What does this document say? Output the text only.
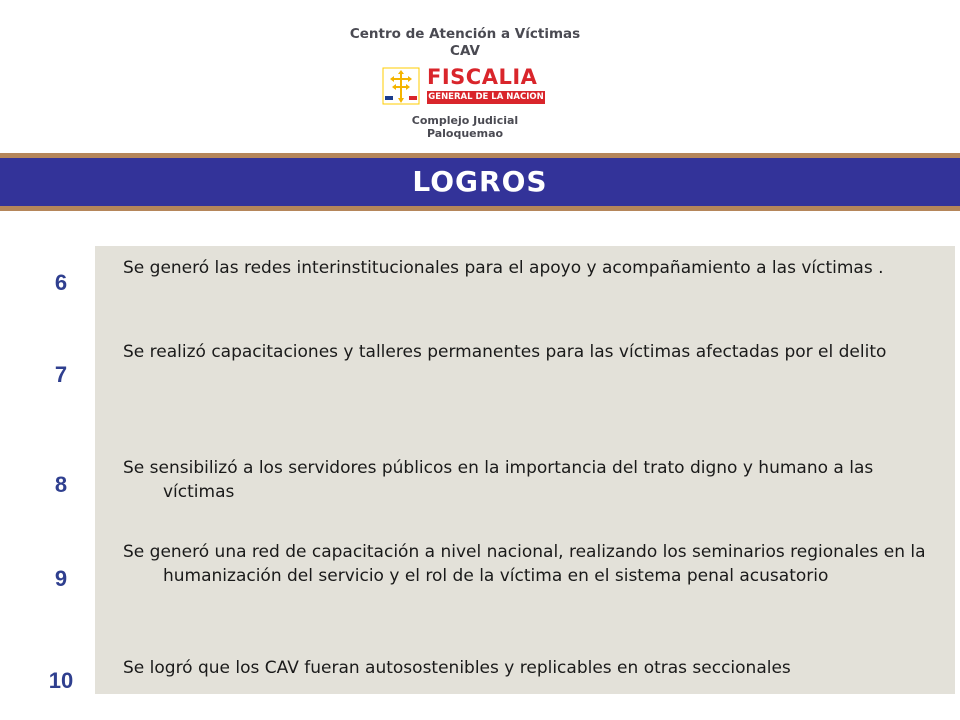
Centro de Atención a Víctimas
CAV
FISCALIA
GENERAL DE LA NACION
Complejo Judicial
Paloquemao
LOGROS
6
7
8
9
10

Se generó las redes interinstitucionales para el apoyo y acompañamiento a las víctimas .

Se realizó capacitaciones y talleres permanentes para las víctimas afectadas por el delito

Se sensibilizó a los servidores públicos en la importancia del trato digno y humano a las víctimas

Se generó una red de capacitación a nivel nacional, realizando los seminarios regionales en la humanización del servicio y el rol de la víctima en el sistema penal acusatorio

Se logró que los CAV fueran autosostenibles y replicables en otras seccionales
